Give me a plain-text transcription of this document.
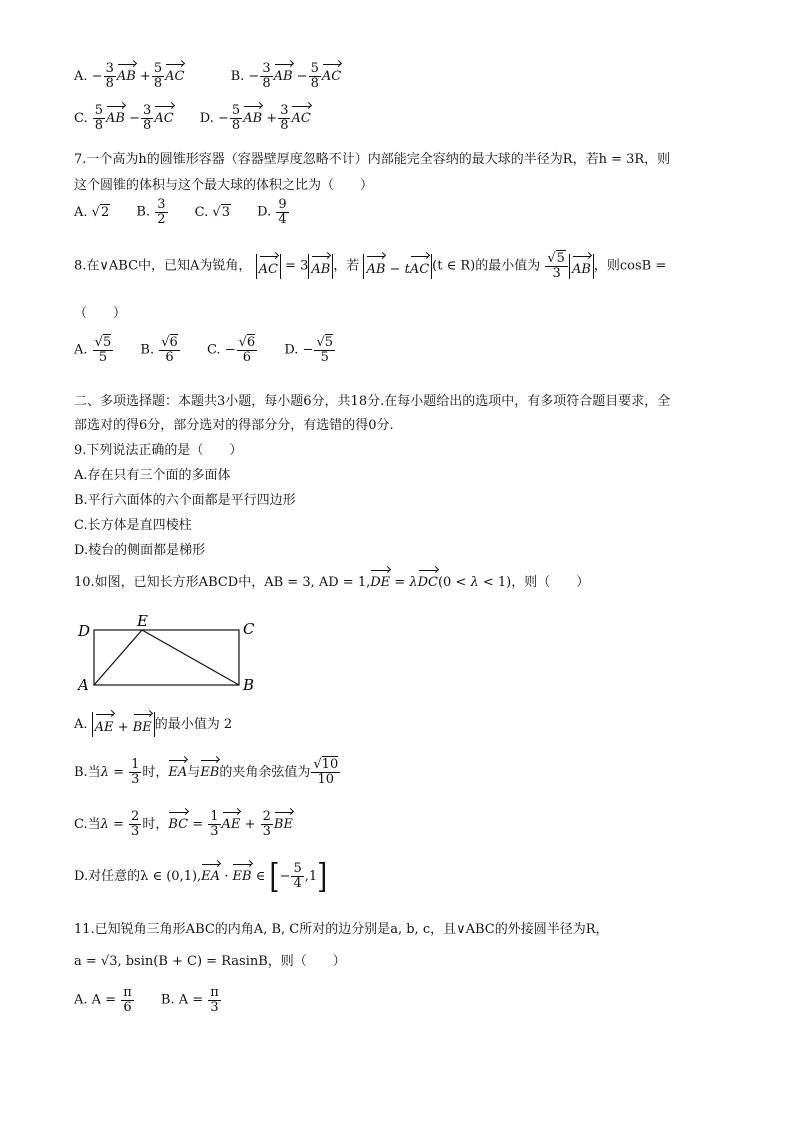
A. − $\frac{3}{8}$ AB + $\frac{5}{8}$ AC	B. − $\frac{3}{8}$ AB − $\frac{5}{8}$ AC
C. $\frac{5}{8}$ AB − $\frac{3}{8}$ AC D. − $\frac{5}{8}$ AB + $\frac{3}{8}$ AC
7.一个高为h的圆锥形容器（容器壁厚度忽略不计）内部能完全容纳的最大球的半径为R，若h = 3R，则
这个圆锥的体积与这个最大球的体积之比为（　　）
A. √2 B. $\frac{3}{2} C$. √3 D. $\frac{9}{4}$
8.在∨ABC中，已知A为锐角， AC = 3 AB ，若 AB − tAC (t ∈ R)的最小值为 $\frac{√5}{3}$ AB ，则cosB =
（　　）
A. $\frac{√5}{5} B$. $\frac{√6}{6} C$. − $\frac{√6}{6} D$. − $\frac{√5}{5}$
二、多项选择题：本题共3小题，每小题6分，共18分.在每小题给出的选项中，有多项符合题目要求，全
部选对的得6分，部分选对的得部分分，有选错的得0分.
9.下列说法正确的是（　　）
A.存在只有三个面的多面体
B.平行六面体的六个面都是平行四边形
C.长方体是直四棱柱
D.棱台的侧面都是梯形
10.如图，已知长方形ABCD中，AB = 3, AD = 1,DE = λDC(0 < λ < 1)，则（　　）
D
E	C
A	B
A. AE + BE 的最小值为 2
B.当$\lambda = \frac{1}{3}$ 时，EA与EB的夹角余弦值为 $\frac{√10}{10}$
C.当$\lambda = \frac{2}{3}$ 时，BC = $\frac{1}{3}$ AE + $\frac{2}{3}$ BE
D.对任意的λ ∈ (0,1),EA · EB ∈ [− $\frac{5}{4} ,1$]
11.已知锐角三角形ABC的内角A, B, C所对的边分别是a, b, c，且∨ABC的外接圆半径为R，
a = √3, bsin(B + C) = RasinB，则（　　）
A. $A = \frac{\pi}{6} B$. $A = \frac{\pi}{3}$
